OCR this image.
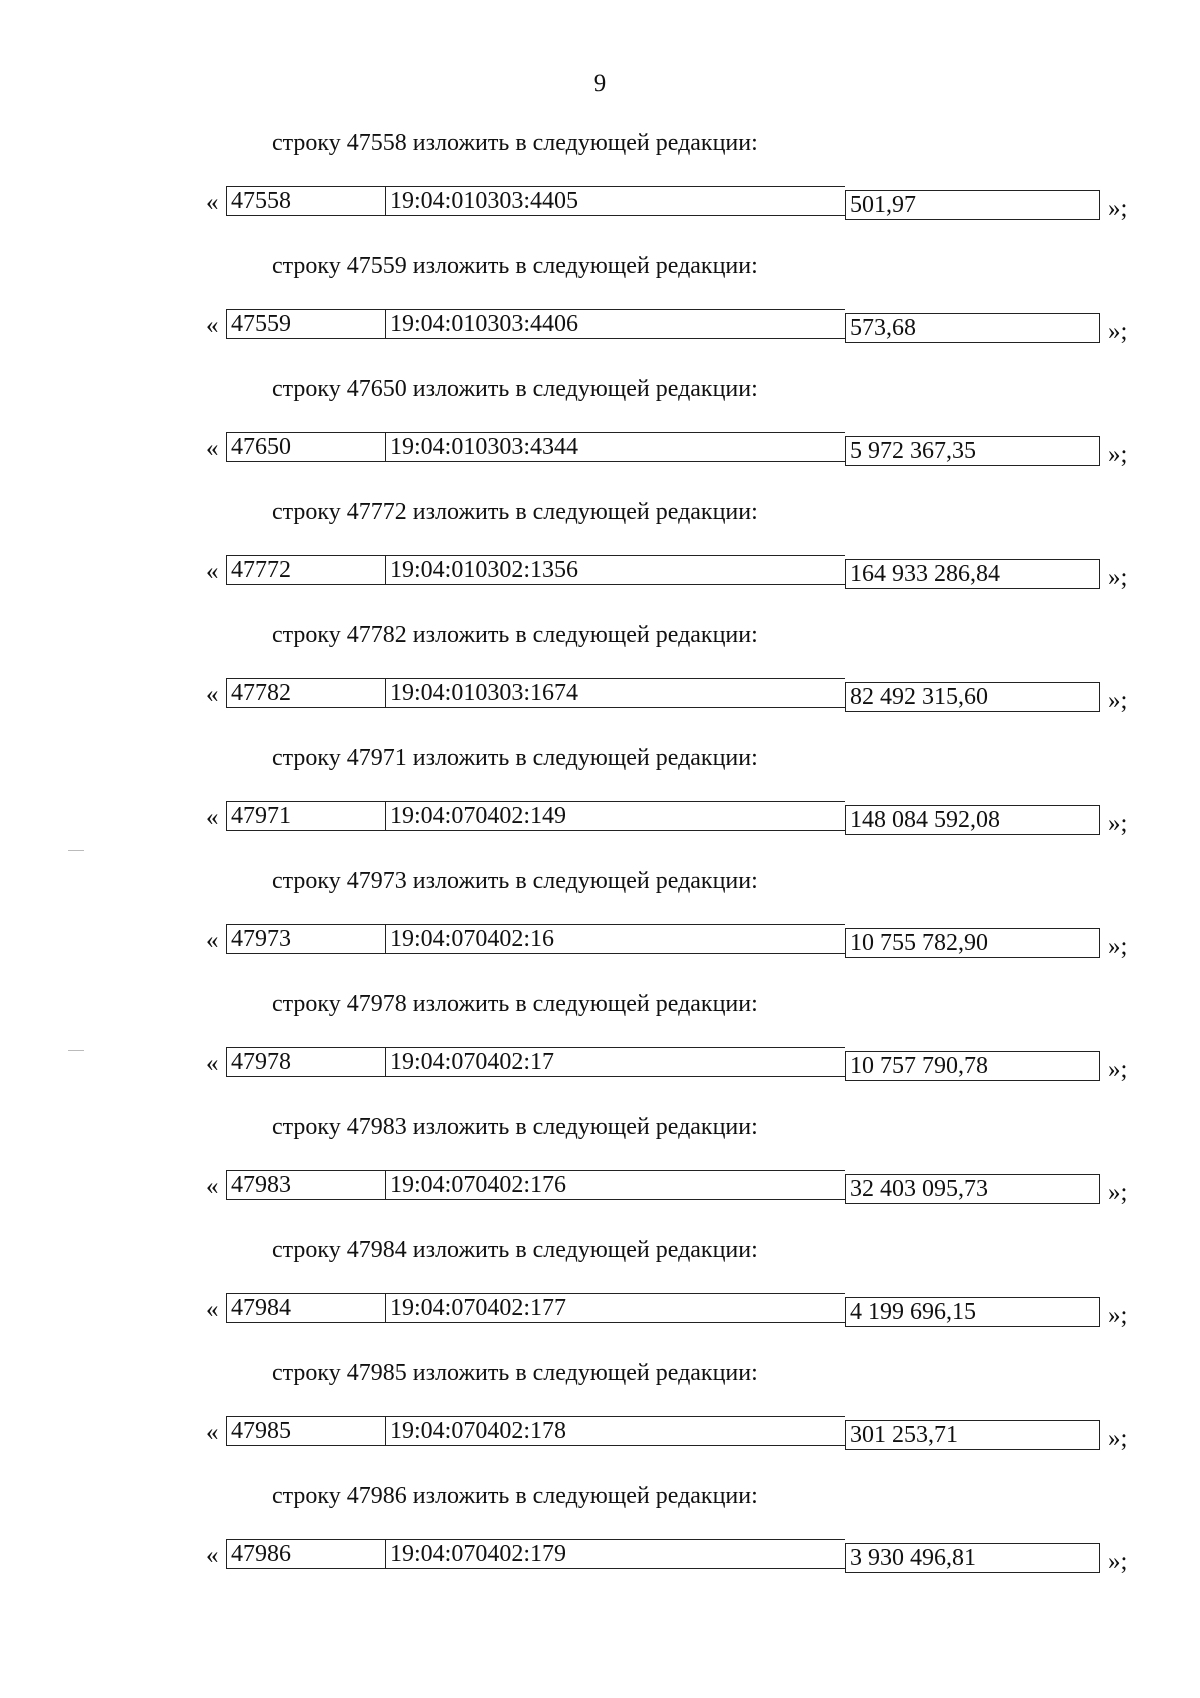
9
строку 47558 изложить в следующей редакции:
« 47558	19:04:010303:4405	501,97	»;
строку 47559 изложить в следующей редакции:
« 47559	19:04:010303:4406	573,68	»;
строку 47650 изложить в следующей редакции:
« 47650	19:04:010303:4344	5 972 367,35	»;
строку 47772 изложить в следующей редакции:
« 47772	19:04:010302:1356	164 933 286,84	»;
строку 47782 изложить в следующей редакции:
« 47782	19:04:010303:1674	82 492 315,60	»;
строку 47971 изложить в следующей редакции:
« 47971	19:04:070402:149	148 084 592,08	»;
строку 47973 изложить в следующей редакции:
« 47973	19:04:070402:16	10 755 782,90	»;
строку 47978 изложить в следующей редакции:
« 47978	19:04:070402:17	10 757 790,78	»;
строку 47983 изложить в следующей редакции:
« 47983	19:04:070402:176	32 403 095,73	»;
строку 47984 изложить в следующей редакции:
« 47984	19:04:070402:177	4 199 696,15	»;
строку 47985 изложить в следующей редакции:
« 47985	19:04:070402:178	301 253,71	»;
строку 47986 изложить в следующей редакции:
« 47986	19:04:070402:179	3 930 496,81	»;
